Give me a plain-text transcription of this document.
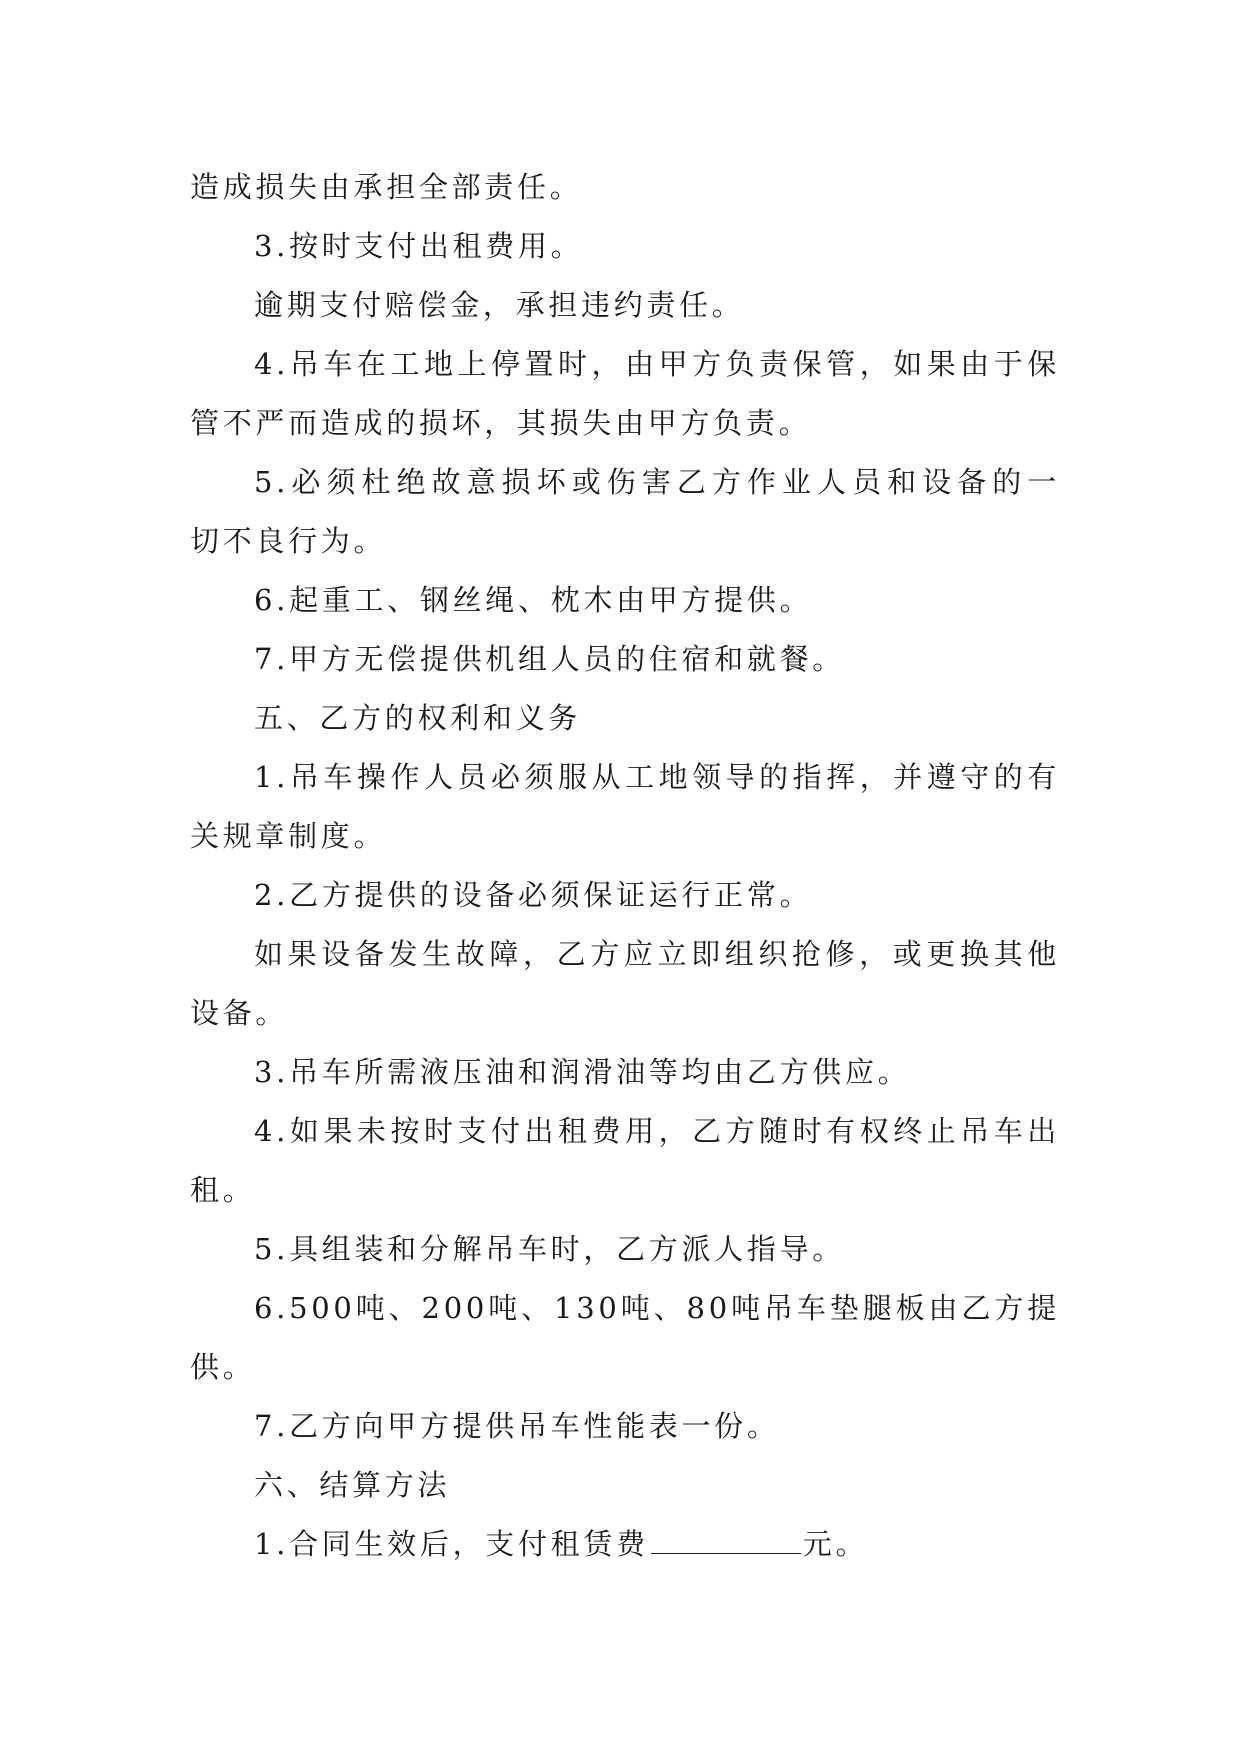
造成损失由承担全部责任。
3.按时支付出租费用。
逾期支付赔偿金，承担违约责任。
4.吊车在工地上停置时，由甲方负责保管，如果由于保
管不严而造成的损坏，其损失由甲方负责。
5.必须杜绝故意损坏或伤害乙方作业人员和设备的一
切不良行为。
6.起重工、钢丝绳、枕木由甲方提供。
7.甲方无偿提供机组人员的住宿和就餐。
五、乙方的权利和义务
1.吊车操作人员必须服从工地领导的指挥，并遵守的有
关规章制度。
2.乙方提供的设备必须保证运行正常。
如果设备发生故障，乙方应立即组织抢修，或更换其他
设备。
3.吊车所需液压油和润滑油等均由乙方供应。
4.如果未按时支付出租费用，乙方随时有权终止吊车出
租。
5.具组装和分解吊车时，乙方派人指导。
6.500吨、200吨、130吨、80吨吊车垫腿板由乙方提
供。
7.乙方向甲方提供吊车性能表一份。
六、结算方法
1.合同生效后，支付租赁费	元。
